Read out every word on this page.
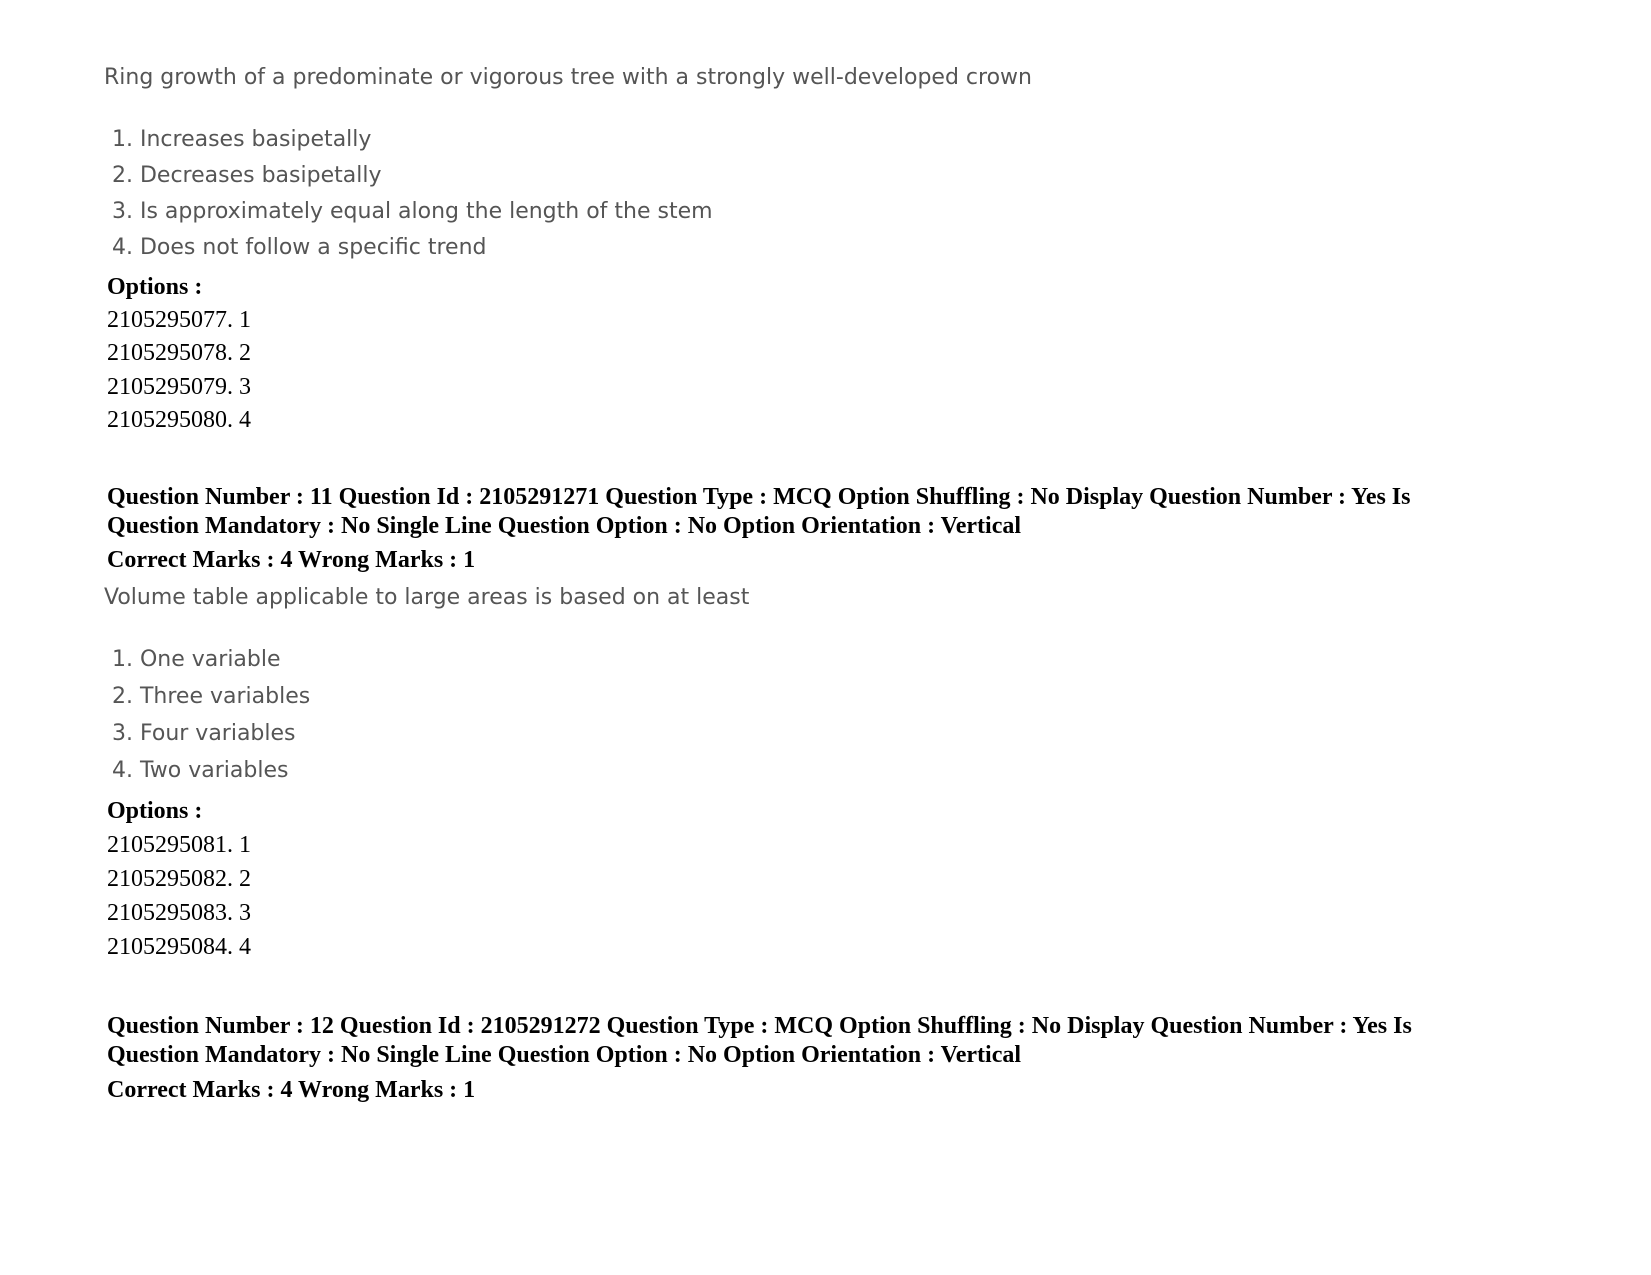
Ring growth of a predominate or vigorous tree with a strongly well-developed crown
1. Increases basipetally
2. Decreases basipetally
3. Is approximately equal along the length of the stem
4. Does not follow a specific trend
Options :
2105295077. 1
2105295078. 2
2105295079. 3
2105295080. 4
Question Number : 11 Question Id : 2105291271 Question Type : MCQ Option Shuffling : No Display Question Number : Yes Is
Question Mandatory : No Single Line Question Option : No Option Orientation : Vertical
Correct Marks : 4 Wrong Marks : 1
Volume table applicable to large areas is based on at least
1. One variable
2. Three variables
3. Four variables
4. Two variables
Options :
2105295081. 1
2105295082. 2
2105295083. 3
2105295084. 4
Question Number : 12 Question Id : 2105291272 Question Type : MCQ Option Shuffling : No Display Question Number : Yes Is
Question Mandatory : No Single Line Question Option : No Option Orientation : Vertical
Correct Marks : 4 Wrong Marks : 1
